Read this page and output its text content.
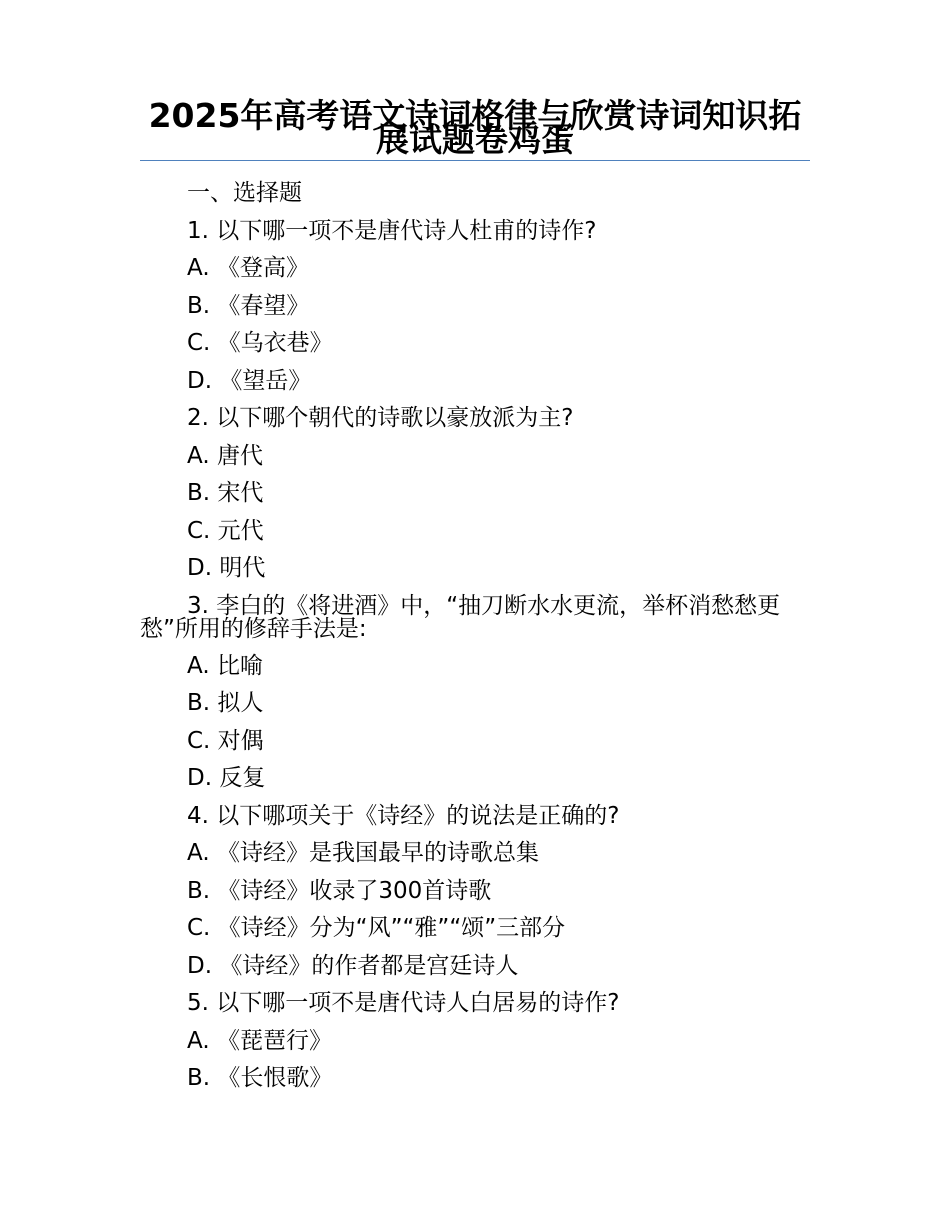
2025年高考语文诗词格律与欣赏诗词知识拓展试题卷鸡蛋

一、选择题

1. 以下哪一项不是唐代诗人杜甫的诗作?

A. 《登高》

B. 《春望》

C. 《乌衣巷》

D. 《望岳》

2. 以下哪个朝代的诗歌以豪放派为主?

A. 唐代

B. 宋代

C. 元代

D. 明代

3. 李白的《将进酒》中，“抽刀断水水更流，举杯消愁愁更愁”所用的修辞手法是:

A. 比喻

B. 拟人

C. 对偶

D. 反复

4. 以下哪项关于《诗经》的说法是正确的?

A. 《诗经》是我国最早的诗歌总集

B. 《诗经》收录了300首诗歌

C. 《诗经》分为“风”“雅”“颂”三部分

D. 《诗经》的作者都是宫廷诗人

5. 以下哪一项不是唐代诗人白居易的诗作?

A. 《琵琶行》

B. 《长恨歌》
